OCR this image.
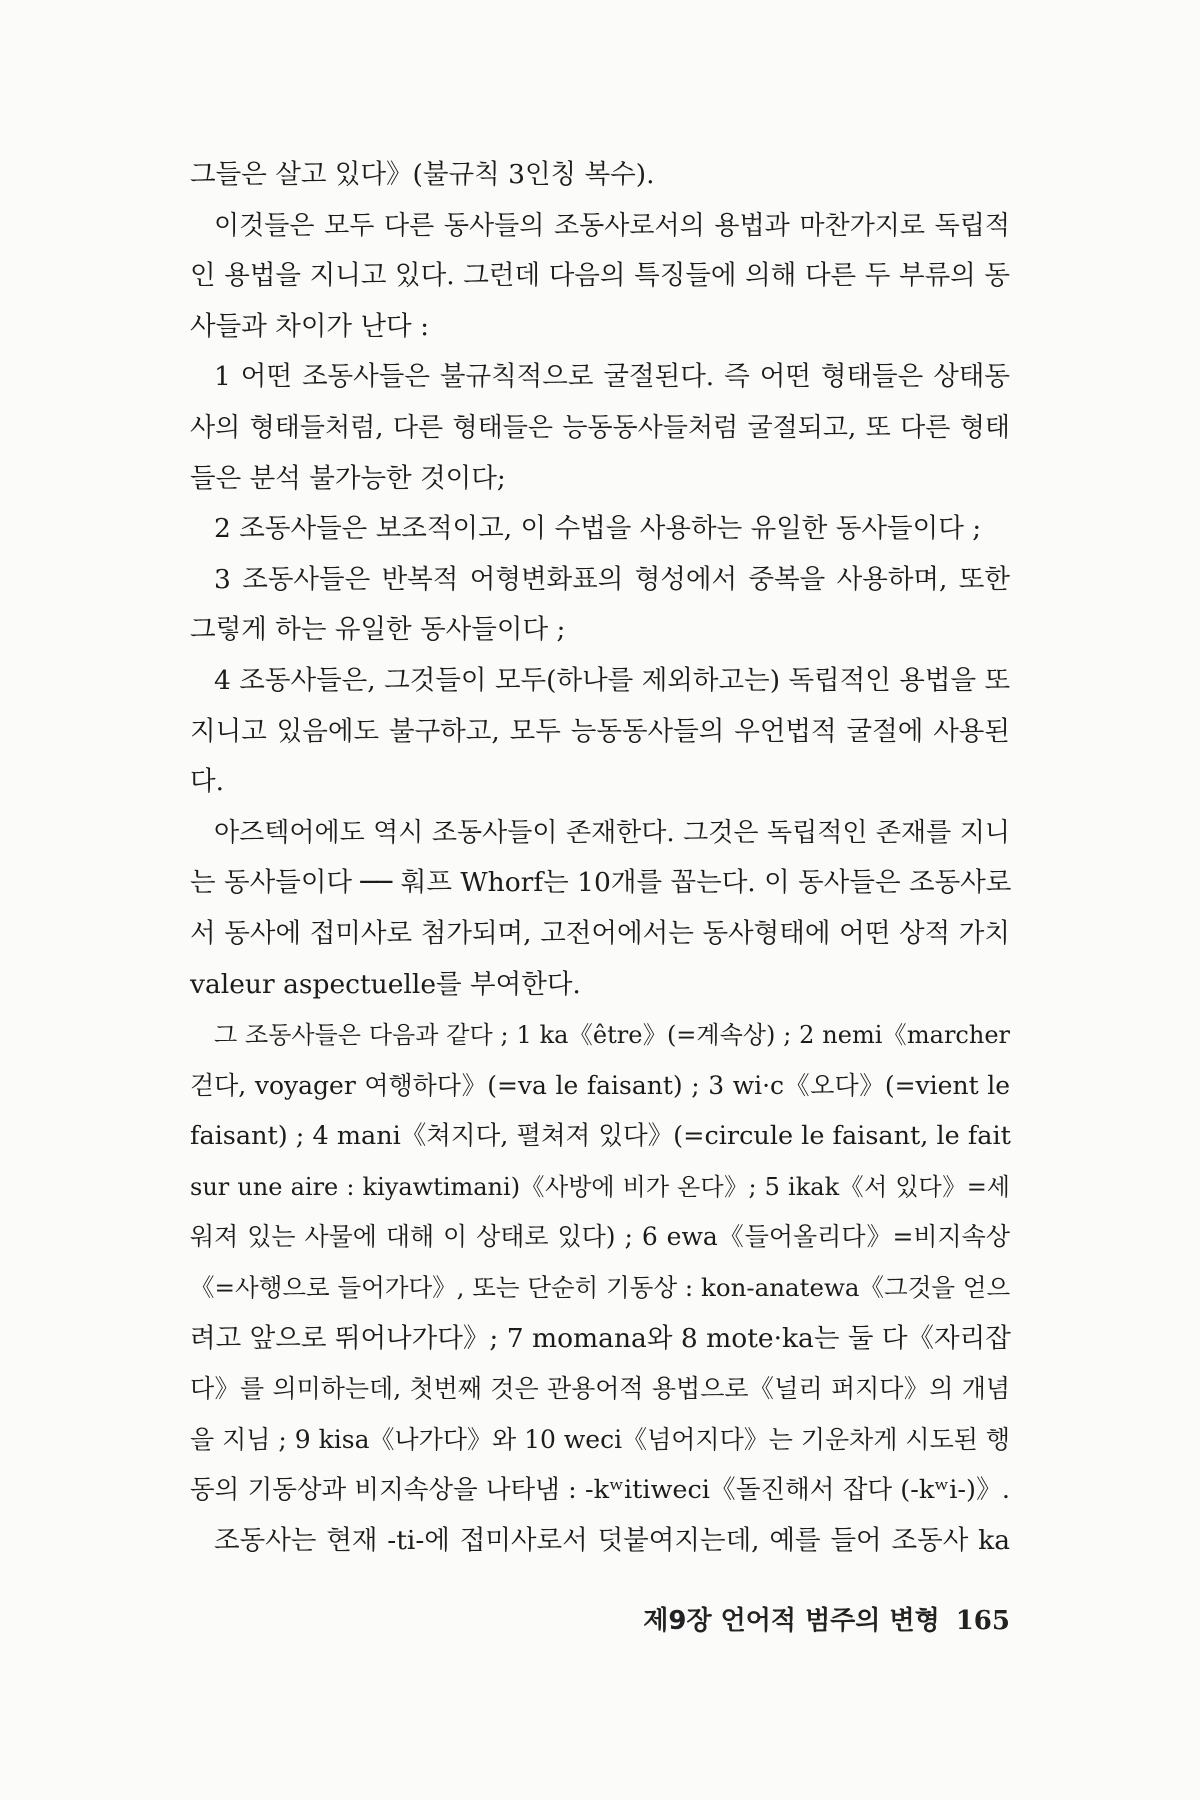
그들은 살고 있다》(불규칙 3인칭 복수).
이것들은 모두 다른 동사들의 조동사로서의 용법과 마찬가지로 독립적
인 용법을 지니고 있다. 그런데 다음의 특징들에 의해 다른 두 부류의 동
사들과 차이가 난다 :
1 어떤 조동사들은 불규칙적으로 굴절된다. 즉 어떤 형태들은 상태동
사의 형태들처럼, 다른 형태들은 능동동사들처럼 굴절되고, 또 다른 형태
들은 분석 불가능한 것이다;
2 조동사들은 보조적이고, 이 수법을 사용하는 유일한 동사들이다 ;
3 조동사들은 반복적 어형변화표의 형성에서 중복을 사용하며, 또한
그렇게 하는 유일한 동사들이다 ;
4 조동사들은, 그것들이 모두(하나를 제외하고는) 독립적인 용법을 또
지니고 있음에도 불구하고, 모두 능동동사들의 우언법적 굴절에 사용된
다.
아즈텍어에도 역시 조동사들이 존재한다. 그것은 독립적인 존재를 지니
는 동사들이다 ── 훠프 Whorf는 10개를 꼽는다. 이 동사들은 조동사로
서 동사에 접미사로 첨가되며, 고전어에서는 동사형태에 어떤 상적 가치
valeur aspectuelle를 부여한다.
그 조동사들은 다음과 같다 ; 1 ka《être》(=계속상) ; 2 nemi《marcher
걷다, voyager 여행하다》(=va le faisant) ; 3 wi·c《오다》(=vient le
faisant) ; 4 mani《쳐지다, 펼쳐져 있다》(=circule le faisant, le fait
sur une aire : kiyawtimani)《사방에 비가 온다》; 5 ikak《서 있다》=세
워져 있는 사물에 대해 이 상태로 있다) ; 6 ewa《들어올리다》=비지속상
《=사행으로 들어가다》, 또는 단순히 기동상 : kon-anatewa《그것을 얻으
려고 앞으로 뛰어나가다》; 7 momana와 8 mote·ka는 둘 다《자리잡
다》를 의미하는데, 첫번째 것은 관용어적 용법으로《널리 퍼지다》의 개념
을 지님 ; 9 kisa《나가다》와 10 weci《넘어지다》는 기운차게 시도된 행
동의 기동상과 비지속상을 나타냄 : -kʷitiweci《돌진해서 잡다 (-kʷi-)》.
조동사는 현재 -ti-에 접미사로서 덧붙여지는데, 예를 들어 조동사 ka
제9장 언어적 범주의 변형 165
